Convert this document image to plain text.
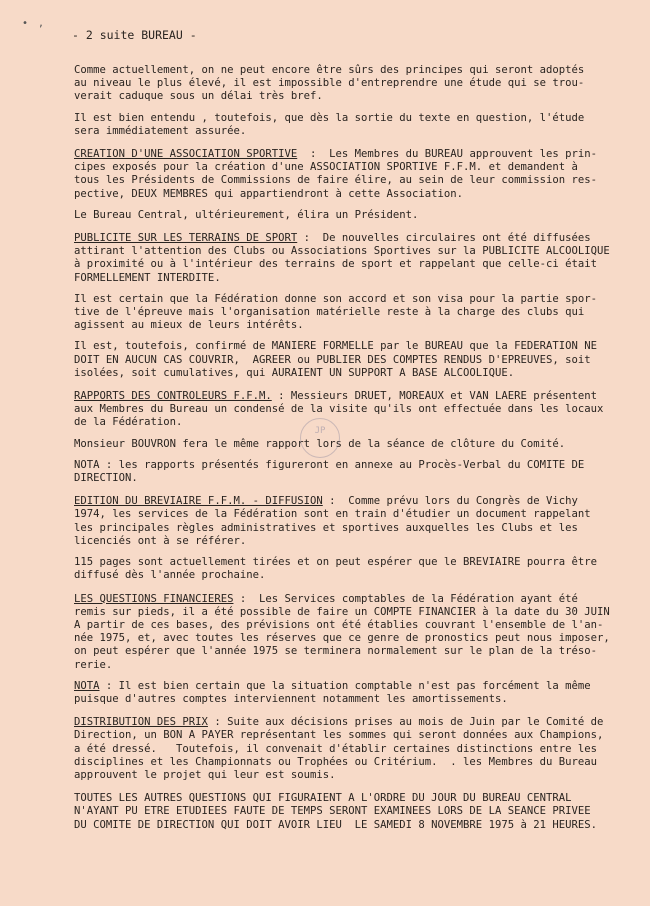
• ,
- 2 suite BUREAU -

Comme actuellement, on ne peut encore être sûrs des principes qui seront adoptés
au niveau le plus élevé, il est impossible d'entreprendre une étude qui se trou-
verait caduque sous un délai très bref.

Il est bien entendu , toutefois, que dès la sortie du texte en question, l'étude
sera immédiatement assurée.

CREATION D'UNE ASSOCIATION SPORTIVE  :  Les Membres du BUREAU approuvent les prin-
cipes exposés pour la création d'une ASSOCIATION SPORTIVE F.F.M. et demandent à
tous les Présidents de Commissions de faire élire, au sein de leur commission res-
pective, DEUX MEMBRES qui appartiendront à cette Association.

Le Bureau Central, ultérieurement, élira un Président.

PUBLICITE SUR LES TERRAINS DE SPORT :  De nouvelles circulaires ont été diffusées
attirant l'attention des Clubs ou Associations Sportives sur la PUBLICITE ALCOOLIQUE
à proximité ou à l'intérieur des terrains de sport et rappelant que celle-ci était
FORMELLEMENT INTERDITE.

Il est certain que la Fédération donne son accord et son visa pour la partie spor-
tive de l'épreuve mais l'organisation matérielle reste à la charge des clubs qui
agissent au mieux de leurs intérêts.

Il est, toutefois, confirmé de MANIERE FORMELLE par le BUREAU que la FEDERATION NE
DOIT EN AUCUN CAS COUVRIR,  AGREER ou PUBLIER DES COMPTES RENDUS D'EPREUVES, soit
isolées, soit cumulatives, qui AURAIENT UN SUPPORT A BASE ALCOOLIQUE.

RAPPORTS DES CONTROLEURS F.F.M. : Messieurs DRUET, MOREAUX et VAN LAERE présentent
aux Membres du Bureau un condensé de la visite qu'ils ont effectuée dans les locaux
de la Fédération.

Monsieur BOUVRON fera le même rapport lors de la séance de clôture du Comité.

NOTA : les rapports présentés figureront en annexe au Procès-Verbal du COMITE DE
DIRECTION.

EDITION DU BREVIAIRE F.F.M. - DIFFUSION :  Comme prévu lors du Congrès de Vichy
1974, les services de la Fédération sont en train d'étudier un document rappelant
les principales règles administratives et sportives auxquelles les Clubs et les
licenciés ont à se référer.

115 pages sont actuellement tirées et on peut espérer que le BREVIAIRE pourra être
diffusé dès l'année prochaine.

LES QUESTIONS FINANCIERES :  Les Services comptables de la Fédération ayant été
remis sur pieds, il a été possible de faire un COMPTE FINANCIER à la date du 30 JUIN
A partir de ces bases, des prévisions ont été établies couvrant l'ensemble de l'an-
née 1975, et, avec toutes les réserves que ce genre de pronostics peut nous imposer,
on peut espérer que l'année 1975 se terminera normalement sur le plan de la tréso-
rerie.

NOTA : Il est bien certain que la situation comptable n'est pas forcément la même
puisque d'autres comptes interviennent notamment les amortissements.

DISTRIBUTION DES PRIX : Suite aux décisions prises au mois de Juin par le Comité de
Direction, un BON A PAYER représentant les sommes qui seront données aux Champions,
a été dressé.   Toutefois, il convenait d'établir certaines distinctions entre les
disciplines et les Championnats ou Trophées ou Critérium.  . les Membres du Bureau
approuvent le projet qui leur est soumis.

TOUTES LES AUTRES QUESTIONS QUI FIGURAIENT A L'ORDRE DU JOUR DU BUREAU CENTRAL
N'AYANT PU ETRE ETUDIEES FAUTE DE TEMPS SERONT EXAMINEES LORS DE LA SEANCE PRIVEE
DU COMITE DE DIRECTION QUI DOIT AVOIR LIEU  LE SAMEDI 8 NOVEMBRE 1975 à 21 HEURES.

JP
